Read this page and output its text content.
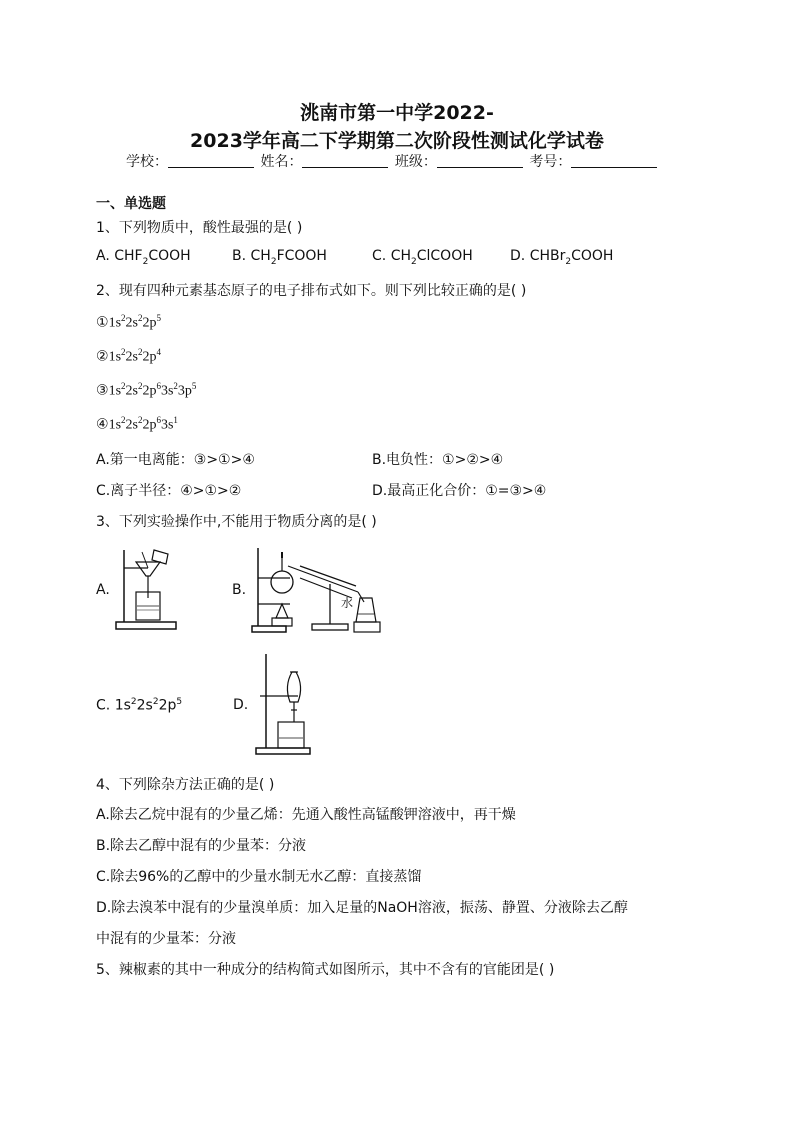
洮南市第一中学2022-
2023学年高二下学期第二次阶段性测试化学试卷
学校：	姓名：	班级：	考号：
一、单选题
1、下列物质中，酸性最强的是( )
A. $CHF_2COOH$	B. $CH_2FCOOH$	C. $CH_2ClCOOH$	D. CHBr$_2$COOH
2、现有四种元素基态原子的电子排布式如下。则下列比较正确的是( )
$①1s^22s^22p^5$
$②1s^22s^22p^4$
$③1s^22s^22p^63s^23p^5$
$④1s^22s^22p^63s^1$
A.第一电离能：③>①>④	B.电负性：①>②>④
C.离子半径：④>①>②	D.最高正化合价：①=③>④
3、下列实验操作中,不能用于物质分离的是( )
A.	B.
水
C. $1s^22s^22p^5$	D.
4、下列除杂方法正确的是( )
A.除去乙烷中混有的少量乙烯：先通入酸性高锰酸钾溶液中，再干燥
B.除去乙醇中混有的少量苯：分液
C.除去96%的乙醇中的少量水制无水乙醇：直接蒸馏
D.除去溴苯中混有的少量溴单质：加入足量的NaOH溶液，振荡、静置、分液除去乙醇
中混有的少量苯：分液
5、辣椒素的其中一种成分的结构简式如图所示，其中不含有的官能团是( )
